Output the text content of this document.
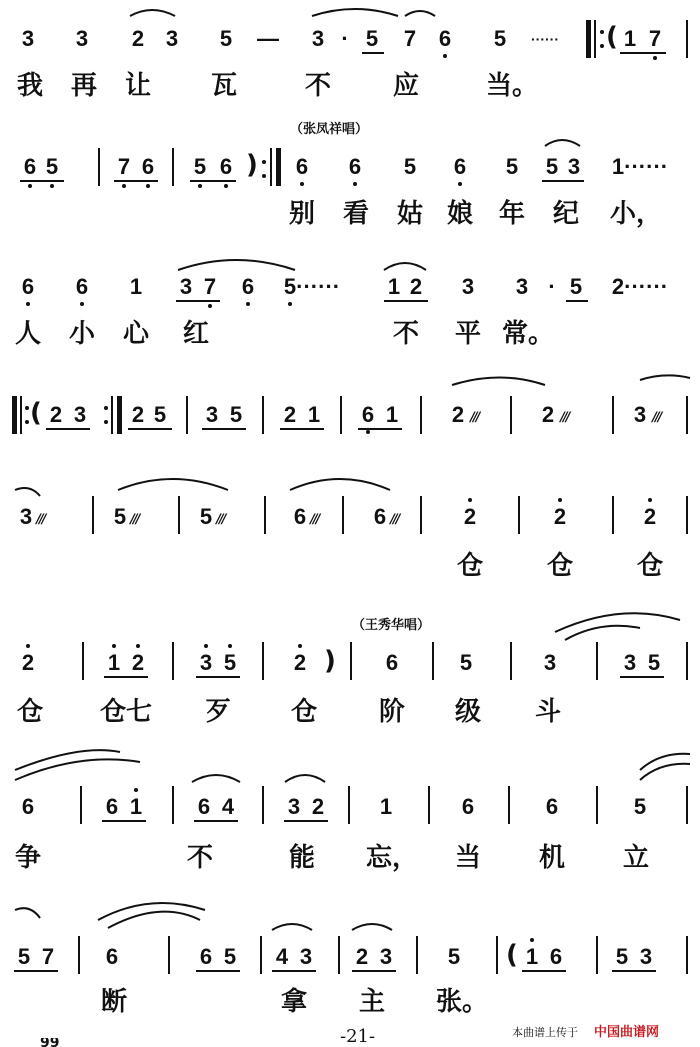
3 3 2 3 5 — 3 · 5 7 6 5 ······ ( 1 7
我 再 让 瓦	不 应	当。
（张凤祥唱）
6 5	7 6 5 6 ) 6 6 5 6 5 5 3 1······
别 看 姑 娘 年 纪 小，
6 6 1 3 7 6 5······ 1 2 3 3 · 5 2······
人 小 心 红	不 平 常。
( 2 3 2 5 3 5 2 1 6 1 2 ///	2 ///	3 ///
3 ///	5 ///	5 ///	6 ///	6 ///	2	2	2
仓 仓 仓
（王秀华唱）
2	1 2	3 5	2 ) 6	5	3	3 5
仓 仓七 歹 仓 阶 级 斗
6	6 1	6 4 3 2	1	6	6	5
争	不	能 忘， 当 机 立
5 7 6	6 5 4 3 2 3	5 ( 1 6 5 3
断	拿 主 张。
99	-21-	本曲谱上传于 中国曲谱网
